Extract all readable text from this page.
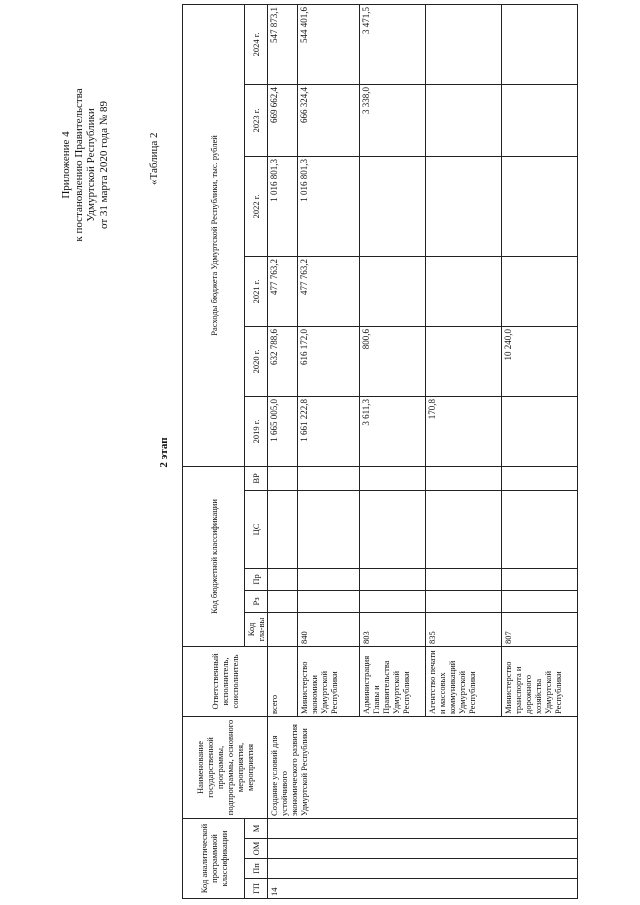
Приложение 4 к постановлению Правительства Удмуртской Республики от 31 марта 2020 года № 89	«Таблица 2
2 этап
Код аналитической программной классификации				Наименование государственной программы, подпрограммы, основного мероприятия, мероприятия	Ответственный исполнитель, соисполнитель	Код бюджетной классификации					Расходы бюджета Удмуртской Республики, тыс. рублей					
ГП	Пп	ОМ	М			Код гла-вы	Рз	Пр	ЦС	ВР	2019 г.	2020 г.	2021 г.	2022 г.	2023 г.	2024 г.
14				Создание условий для устойчивого экономического развития Удмуртской Республики	всего						1 665 005,0	632 788,6	477 763,2	1 016 801,3	669 662,4	547 873,1
					Министерство экономики Удмуртской Республики	840					1 661 222,8	616 172,0	477 763,2	1 016 801,3	666 324,4	544 401,6
					Администрация Главы и Правительства Удмуртской Республики	803					3 611,3	800,6			3 338,0	3 471,5
					Агентство печати и массовых коммуникаций Удмуртской Республики	835					170,8					
					Министерство транспорта и дорожного хозяйства Удмуртской Республики	807						10 240,0				
